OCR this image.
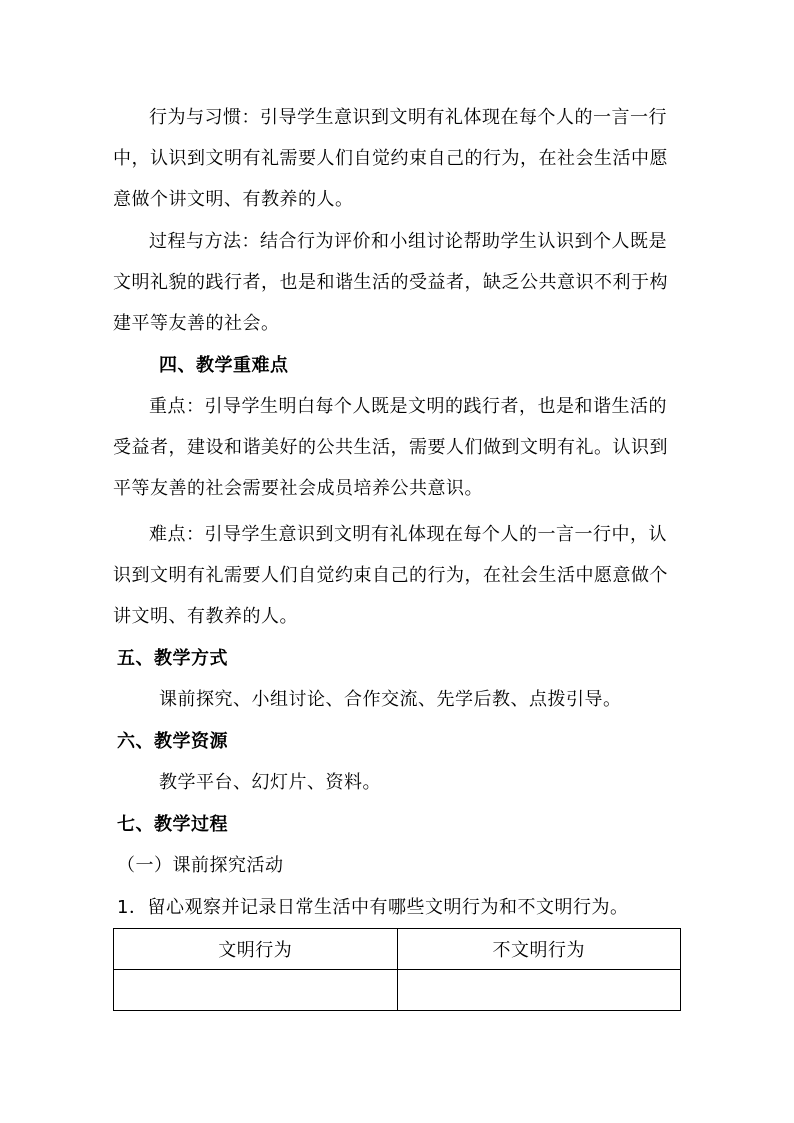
行为与习惯：引导学生意识到文明有礼体现在每个人的一言一行中，认识到文明有礼需要人们自觉约束自己的行为，在社会生活中愿意做个讲文明、有教养的人。

过程与方法：结合行为评价和小组讨论帮助学生认识到个人既是文明礼貌的践行者，也是和谐生活的受益者，缺乏公共意识不利于构建平等友善的社会。

四、教学重难点

重点：引导学生明白每个人既是文明的践行者，也是和谐生活的受益者，建设和谐美好的公共生活，需要人们做到文明有礼。认识到平等友善的社会需要社会成员培养公共意识。

难点：引导学生意识到文明有礼体现在每个人的一言一行中，认识到文明有礼需要人们自觉约束自己的行为，在社会生活中愿意做个讲文明、有教养的人。

五、教学方式

课前探究、小组讨论、合作交流、先学后教、点拨引导。

六、教学资源

教学平台、幻灯片、资料。

七、教学过程

（一）课前探究活动

1．留心观察并记录日常生活中有哪些文明行为和不文明行为。

文明行为	不文明行为
